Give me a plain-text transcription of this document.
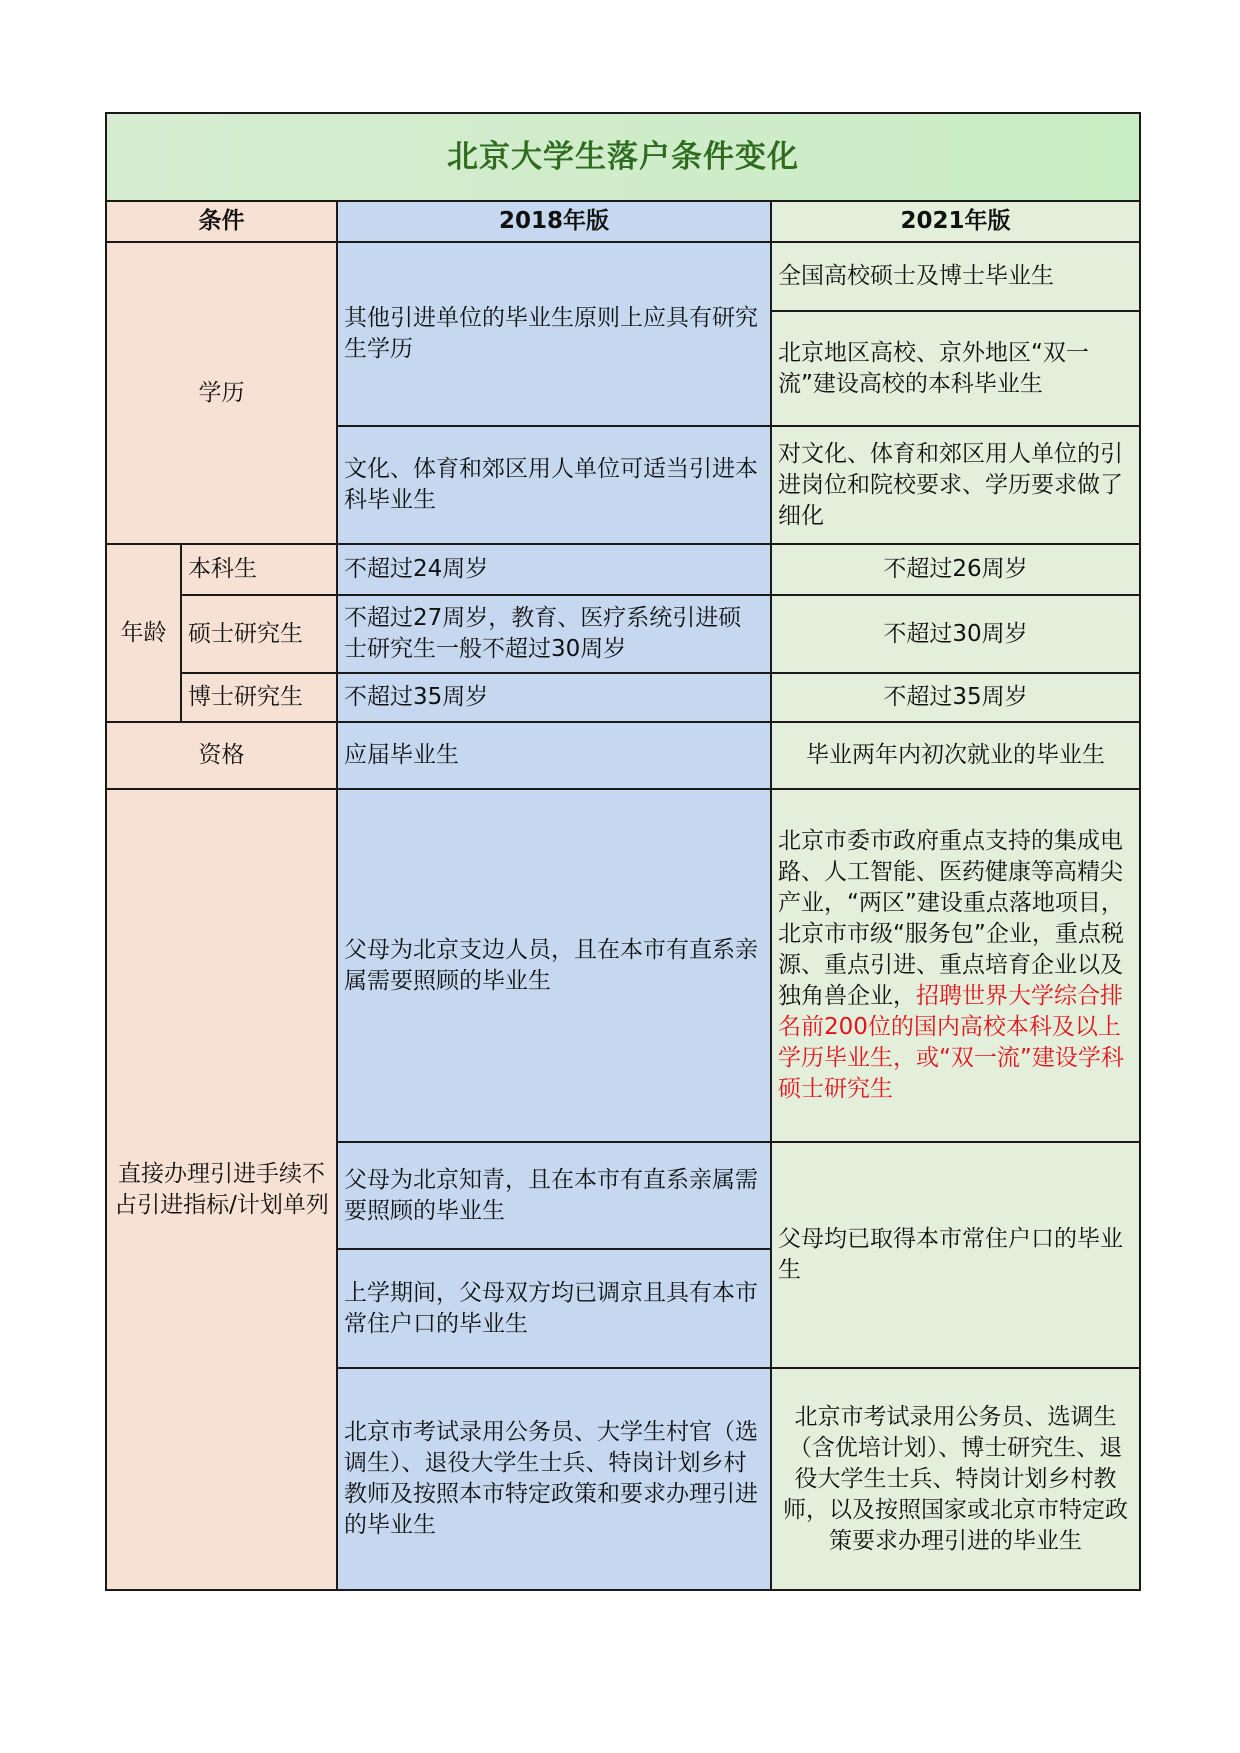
北京大学生落户条件变化			
条件		2018年版	2021年版
学历		其他引进单位的毕业生原则上应具有研究生学历	全国高校硕士及博士毕业生
			北京地区高校、京外地区“双一流”建设高校的本科毕业生
		文化、体育和郊区用人单位可适当引进本科毕业生	对文化、体育和郊区用人单位的引进岗位和院校要求、学历要求做了细化
年龄	本科生	不超过24周岁	不超过26周岁
	硕士研究生	不超过27周岁，教育、医疗系统引进硕士研究生一般不超过30周岁	不超过30周岁
	博士研究生	不超过35周岁	不超过35周岁
资格		应届毕业生	毕业两年内初次就业的毕业生
直接办理引进手续不占引进指标/计划单列		父母为北京支边人员，且在本市有直系亲属需要照顾的毕业生	北京市委市政府重点支持的集成电路、人工智能、医药健康等高精尖产业，“两区”建设重点落地项目，北京市市级“服务包”企业，重点税源、重点引进、重点培育企业以及独角兽企业，招聘世界大学综合排名前200位的国内高校本科及以上学历毕业生，或“双一流”建设学科硕士研究生
		父母为北京知青，且在本市有直系亲属需要照顾的毕业生	父母均已取得本市常住户口的毕业生
		上学期间，父母双方均已调京且具有本市常住户口的毕业生	
		北京市考试录用公务员、大学生村官（选调生）、退役大学生士兵、特岗计划乡村教师及按照本市特定政策和要求办理引进的毕业生	北京市考试录用公务员、选调生（含优培计划）、博士研究生、退役大学生士兵、特岗计划乡村教师，以及按照国家或北京市特定政策要求办理引进的毕业生
